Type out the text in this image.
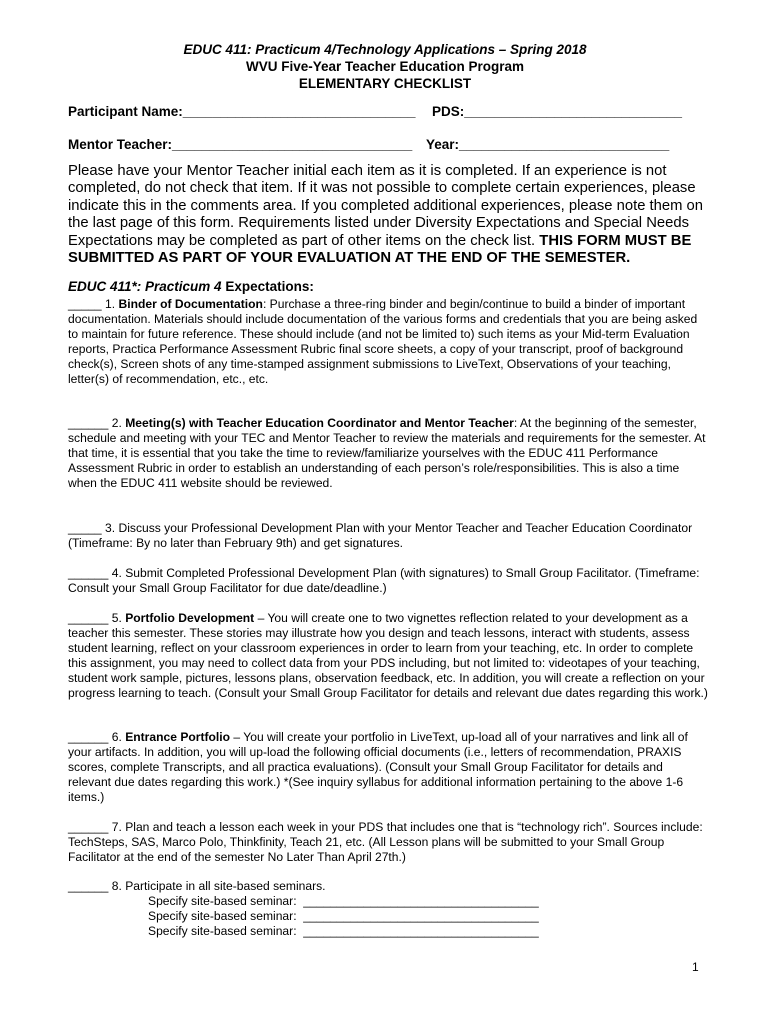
EDUC 411: Practicum 4/Technology Applications – Spring 2018
WVU Five-Year Teacher Education Program
ELEMENTARY CHECKLIST
Participant Name:_______________________________ PDS:_____________________________
Mentor Teacher:________________________________ Year:____________________________
Please have your Mentor Teacher initial each item as it is completed. If an experience is not completed, do not check that item. If it was not possible to complete certain experiences, please indicate this in the comments area. If you completed additional experiences, please note them on the last page of this form. Requirements listed under Diversity Expectations and Special Needs Expectations may be completed as part of other items on the check list. THIS FORM MUST BE SUBMITTED AS PART OF YOUR EVALUATION AT THE END OF THE SEMESTER.
EDUC 411*: Practicum 4 Expectations:
_____ 1. Binder of Documentation: Purchase a three-ring binder and begin/continue to build a binder of important documentation. Materials should include documentation of the various forms and credentials that you are being asked to maintain for future reference. These should include (and not be limited to) such items as your Mid-term Evaluation reports, Practica Performance Assessment Rubric final score sheets, a copy of your transcript, proof of background check(s), Screen shots of any time-stamped assignment submissions to LiveText, Observations of your teaching, letter(s) of recommendation, etc., etc.
______ 2. Meeting(s) with Teacher Education Coordinator and Mentor Teacher: At the beginning of the semester, schedule and meeting with your TEC and Mentor Teacher to review the materials and requirements for the semester. At that time, it is essential that you take the time to review/familiarize yourselves with the EDUC 411 Performance Assessment Rubric in order to establish an understanding of each person’s role/responsibilities. This is also a time when the EDUC 411 website should be reviewed.
_____ 3. Discuss your Professional Development Plan with your Mentor Teacher and Teacher Education Coordinator (Timeframe: By no later than February 9th) and get signatures.
______ 4. Submit Completed Professional Development Plan (with signatures) to Small Group Facilitator. (Timeframe: Consult your Small Group Facilitator for due date/deadline.)
______ 5. Portfolio Development – You will create one to two vignettes reflection related to your development as a teacher this semester. These stories may illustrate how you design and teach lessons, interact with students, assess student learning, reflect on your classroom experiences in order to learn from your teaching, etc. In order to complete this assignment, you may need to collect data from your PDS including, but not limited to: videotapes of your teaching, student work sample, pictures, lessons plans, observation feedback, etc. In addition, you will create a reflection on your progress learning to teach. (Consult your Small Group Facilitator for details and relevant due dates regarding this work.)
______ 6. Entrance Portfolio – You will create your portfolio in LiveText, up-load all of your narratives and link all of your artifacts. In addition, you will up-load the following official documents (i.e., letters of recommendation, PRAXIS scores, complete Transcripts, and all practica evaluations). (Consult your Small Group Facilitator for details and relevant due dates regarding this work.) *(See inquiry syllabus for additional information pertaining to the above 1-6 items.)
______ 7. Plan and teach a lesson each week in your PDS that includes one that is “technology rich”. Sources include: TechSteps, SAS, Marco Polo, Thinkfinity, Teach 21, etc. (All Lesson plans will be submitted to your Small Group Facilitator at the end of the semester No Later Than April 27th.)
______ 8. Participate in all site-based seminars.
Specify site-based seminar:  ___________________________________
Specify site-based seminar:  ___________________________________
Specify site-based seminar:  ___________________________________
1
